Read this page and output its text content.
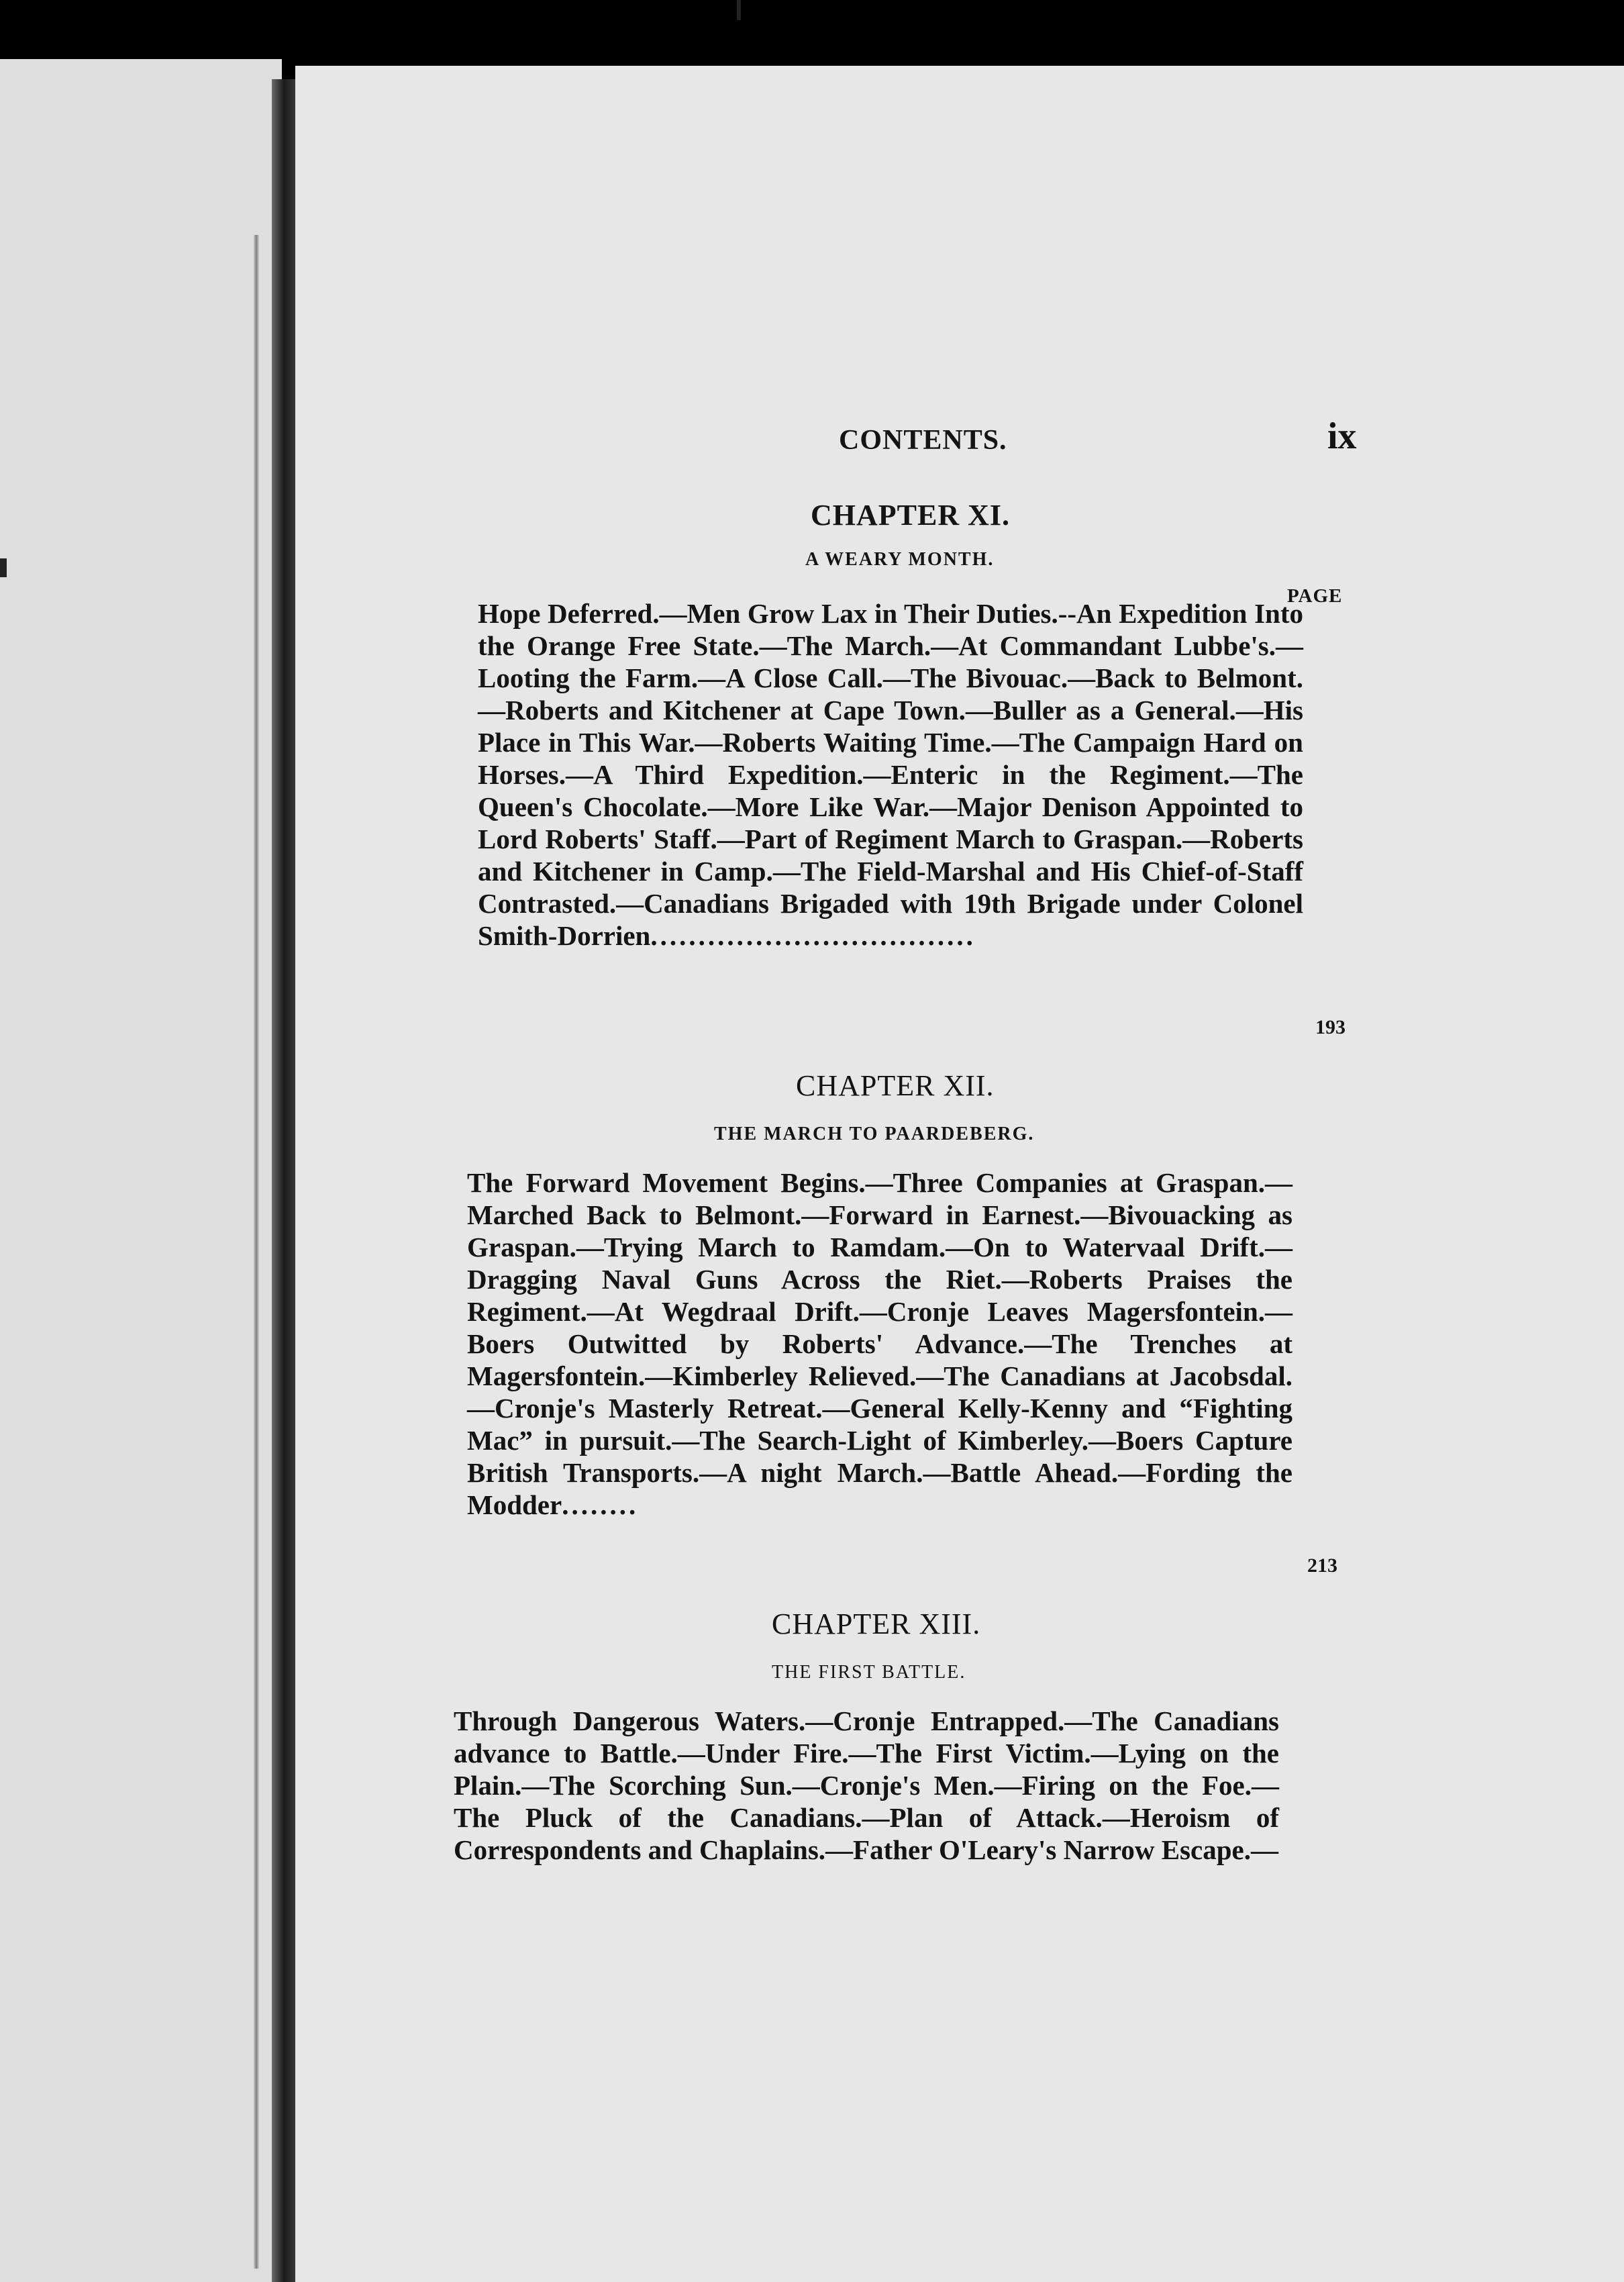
CONTENTS.	ix
CHAPTER XI.
A WEARY MONTH.
PAGE
Hope Deferred.—Men Grow Lax in Their Duties.--An Expedition Into the Orange Free State.—The March.—At Commandant Lubbe's.—Looting the Farm.—A Close Call.—The Bivouac.—Back to Belmont.—Roberts and Kitchener at Cape Town.—Buller as a General.—His Place in This War.—Roberts Waiting Time.—The Campaign Hard on Horses.—A Third Expedition.—Enteric in the Regiment.—The Queen's Chocolate.—More Like War.—Major Denison Appointed to Lord Roberts' Staff.—Part of Regiment March to Graspan.—Roberts and Kitchener in Camp.—The Field-Marshal and His Chief-of-Staff Contrasted.—Canadians Brigaded with 19th Brigade under Colonel Smith-Dorrien..................................
193
CHAPTER XII.
THE MARCH TO PAARDEBERG.
The Forward Movement Begins.—Three Companies at Graspan.—Marched Back to Belmont.—Forward in Earnest.—Bivouacking as Graspan.—Trying March to Ramdam.—On to Watervaal Drift.—Dragging Naval Guns Across the Riet.—Roberts Praises the Regiment.—At Wegdraal Drift.—Cronje Leaves Magersfontein.—Boers Outwitted by Roberts' Advance.—The Trenches at Magersfontein.—Kimberley Relieved.—The Canadians at Jacobsdal.—Cronje's Masterly Retreat.—General Kelly-Kenny and “Fighting Mac” in pursuit.—The Search-Light of Kimberley.—Boers Capture British Transports.—A night March.—Battle Ahead.—Fording the Modder........
213
CHAPTER XIII.
THE FIRST BATTLE.
Through Dangerous Waters.—Cronje Entrapped.—The Canadians advance to Battle.—Under Fire.—The First Victim.—Lying on the Plain.—The Scorching Sun.—Cronje's Men.—Firing on the Foe.—The Pluck of the Canadians.—Plan of Attack.—Heroism of Correspondents and Chaplains.—Father O'Leary's Narrow Escape.—
